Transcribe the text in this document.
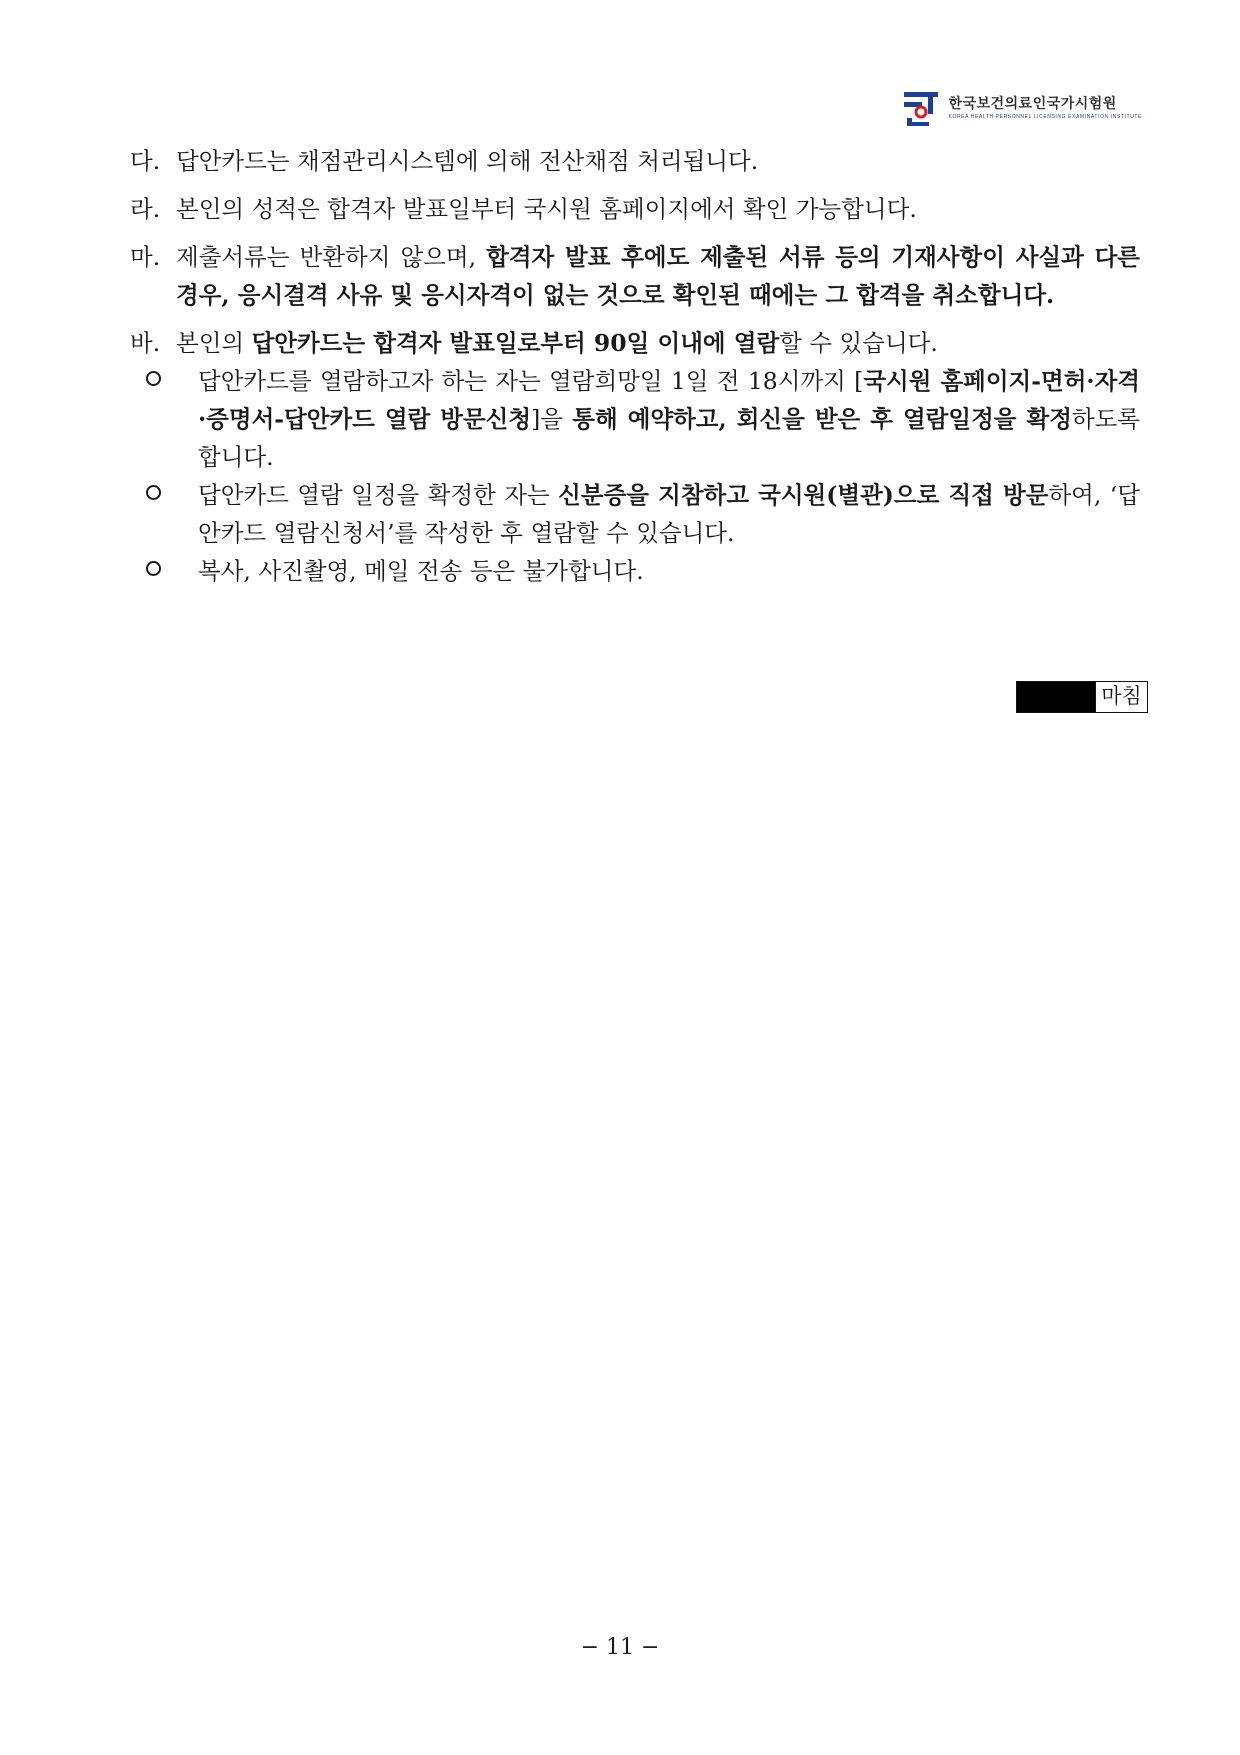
한국보건의료인국가시험원
KOREA HEALTH PERSONNEL LICENSING EXAMINATION INSTITUTE
다. 답안카드는 채점관리시스템에 의해 전산채점 처리됩니다.
라. 본인의 성적은 합격자 발표일부터 국시원 홈페이지에서 확인 가능합니다.
마. 제출서류는 반환하지 않으며, 합격자 발표 후에도 제출된 서류 등의 기재사항이 사실과 다른 경우, 응시결격 사유 및 응시자격이 없는 것으로 확인된 때에는 그 합격을 취소합니다.
바. 본인의 답안카드는 합격자 발표일로부터 90일 이내에 열람할 수 있습니다.
답안카드를 열람하고자 하는 자는 열람희망일 1일 전 18시까지 [국시원 홈페이지-면허·자격·증명서-답안카드 열람 방문신청]을 통해 예약하고, 회신을 받은 후 열람일정을 확정하도록 합니다.
답안카드 열람 일정을 확정한 자는 신분증을 지참하고 국시원(별관)으로 직접 방문하여, ‘답안카드 열람신청서’를 작성한 후 열람할 수 있습니다.
복사, 사진촬영, 메일 전송 등은 불가합니다.
마침
− 11 −
